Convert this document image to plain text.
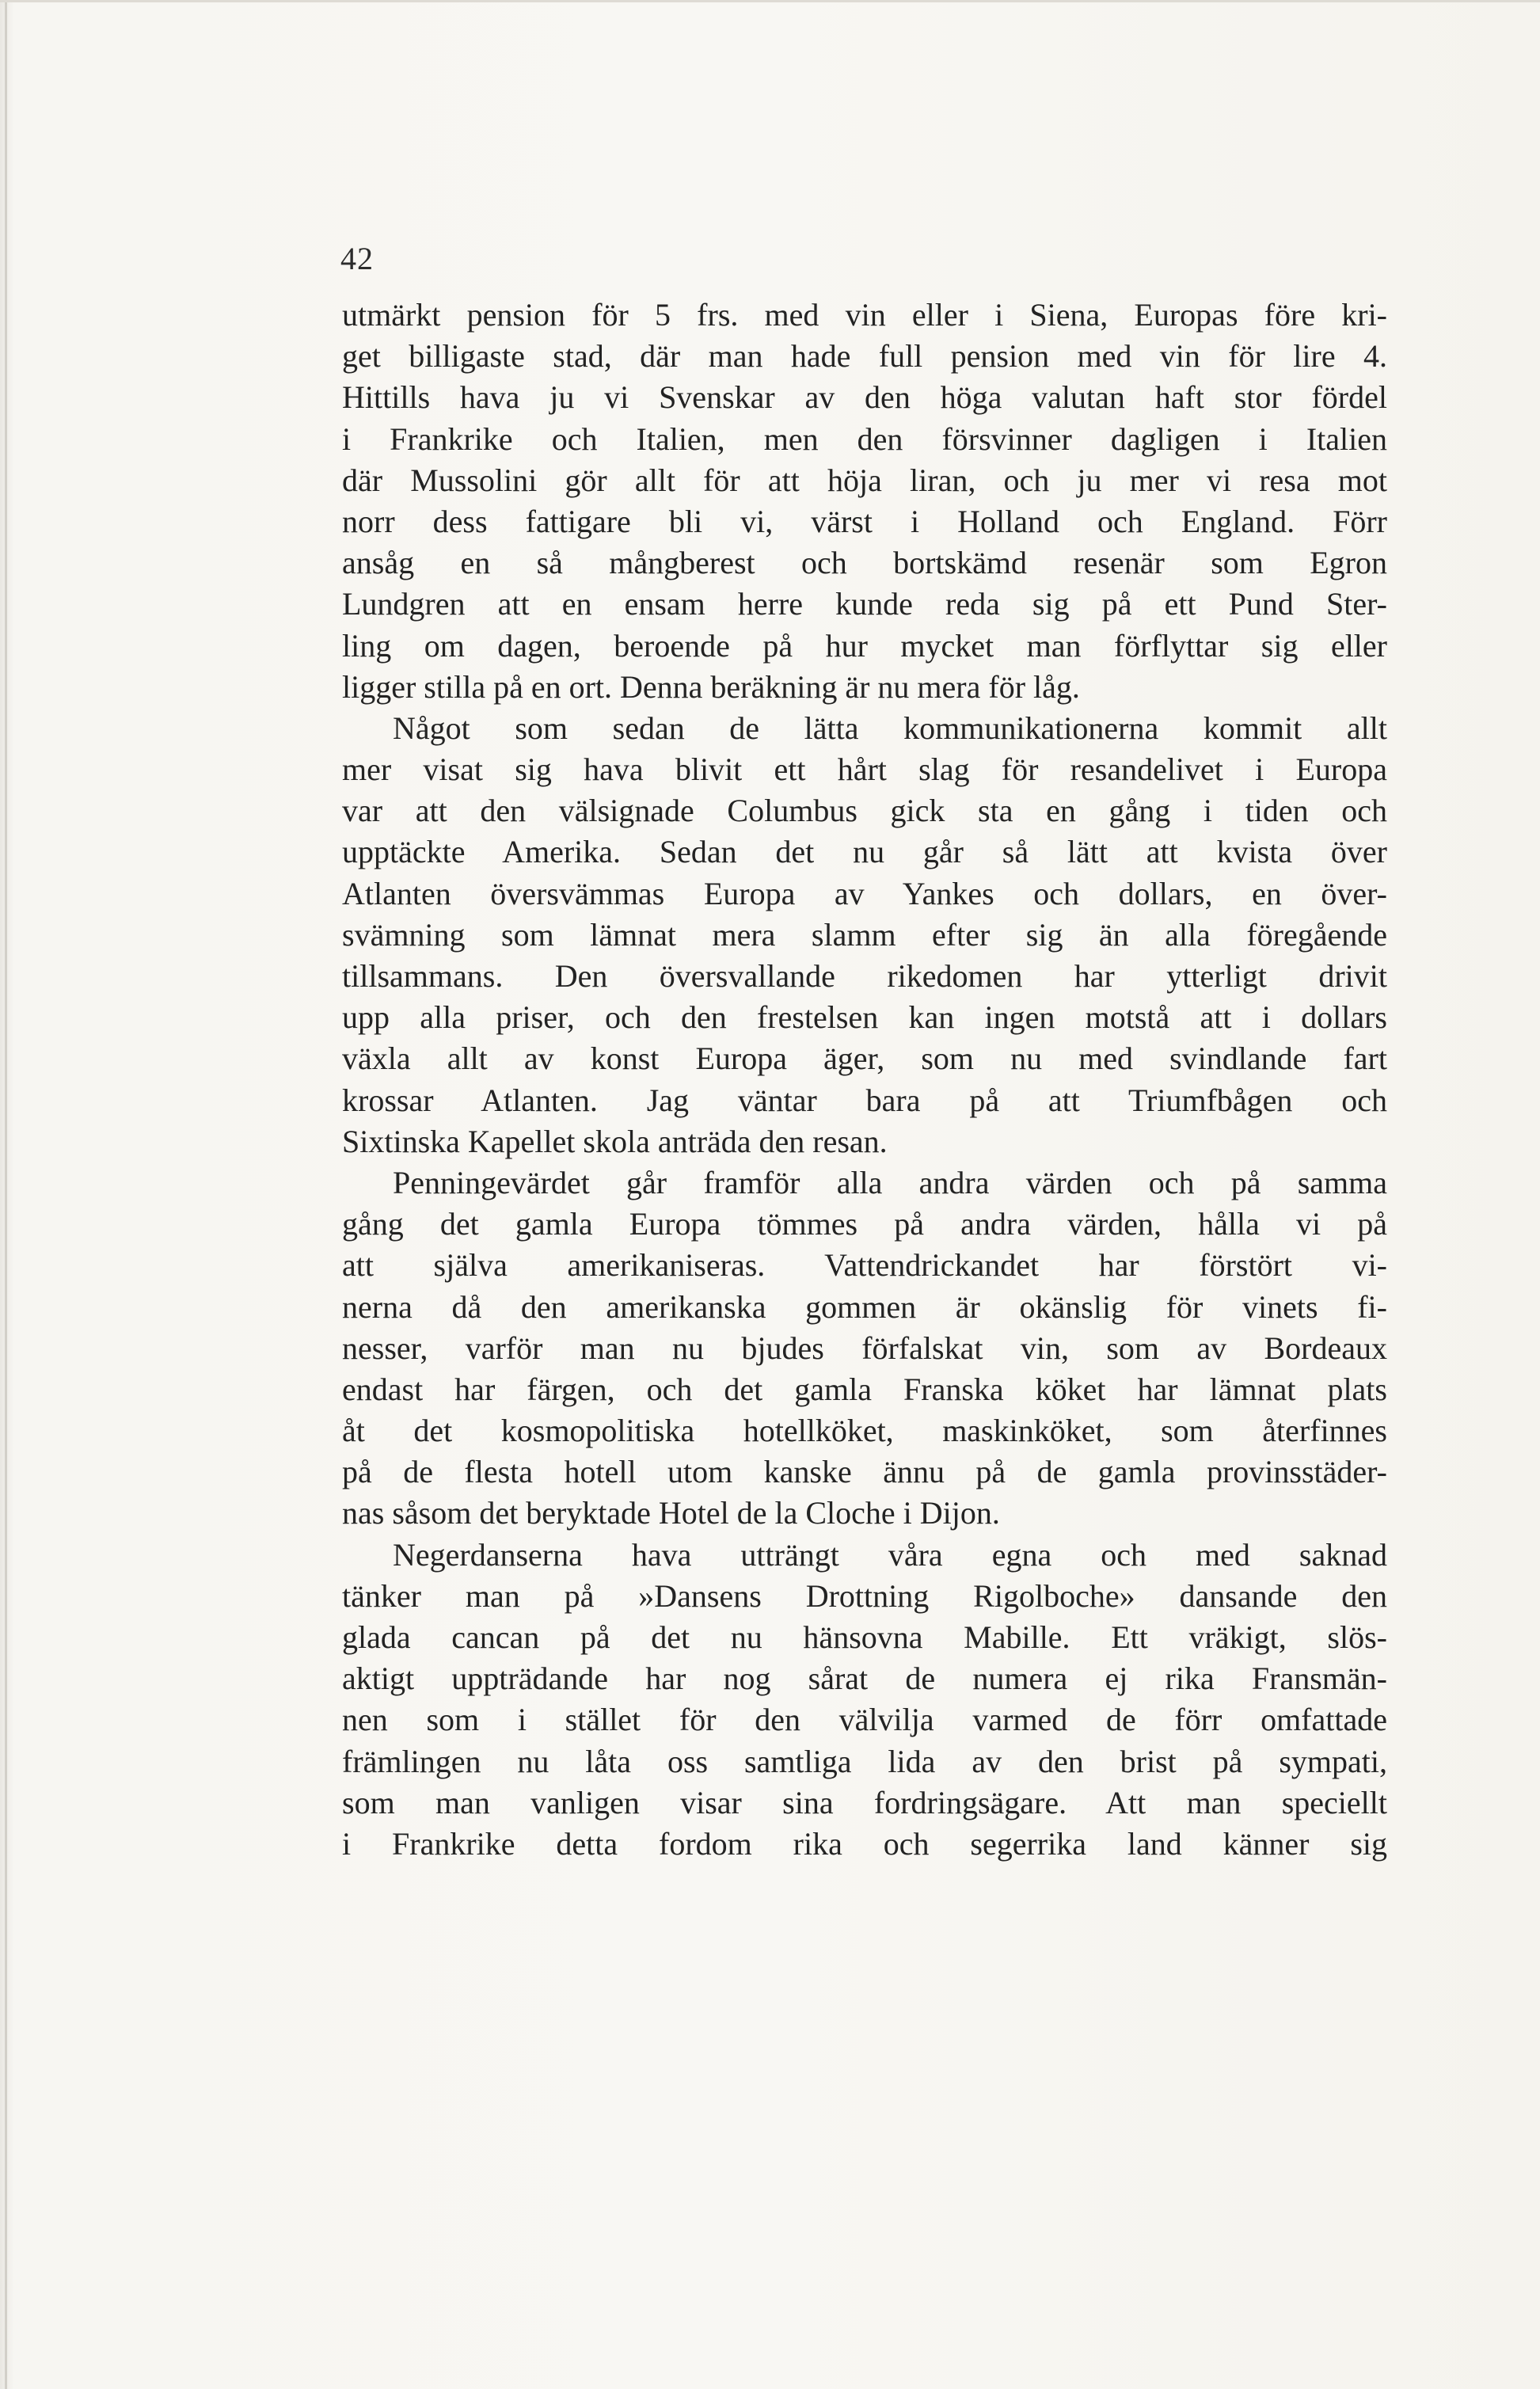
42
utmärkt pension för 5 frs. med vin eller i Siena, Europas före kri-
get billigaste stad, där man hade full pension med vin för lire 4.
Hittills hava ju vi Svenskar av den höga valutan haft stor fördel
i Frankrike och Italien, men den försvinner dagligen i Italien
där Mussolini gör allt för att höja liran, och ju mer vi resa mot
norr dess fattigare bli vi, värst i Holland och England. Förr
ansåg en så mångberest och bortskämd resenär som Egron
Lundgren att en ensam herre kunde reda sig på ett Pund Ster-
ling om dagen, beroende på hur mycket man förflyttar sig eller
ligger stilla på en ort. Denna beräkning är nu mera för låg.
Något som sedan de lätta kommunikationerna kommit allt
mer visat sig hava blivit ett hårt slag för resandelivet i Europa
var att den välsignade Columbus gick sta en gång i tiden och
upptäckte Amerika. Sedan det nu går så lätt att kvista över
Atlanten översvämmas Europa av Yankes och dollars, en över-
svämning som lämnat mera slamm efter sig än alla föregående
tillsammans. Den översvallande rikedomen har ytterligt drivit
upp alla priser, och den frestelsen kan ingen motstå att i dollars
växla allt av konst Europa äger, som nu med svindlande fart
krossar Atlanten. Jag väntar bara på att Triumfbågen och
Sixtinska Kapellet skola anträda den resan.
Penningevärdet går framför alla andra värden och på samma
gång det gamla Europa tömmes på andra värden, hålla vi på
att själva amerikaniseras. Vattendrickandet har förstört vi-
nerna då den amerikanska gommen är okänslig för vinets fi-
nesser, varför man nu bjudes förfalskat vin, som av Bordeaux
endast har färgen, och det gamla Franska köket har lämnat plats
åt det kosmopolitiska hotellköket, maskinköket, som återfinnes
på de flesta hotell utom kanske ännu på de gamla provinsstäder-
nas såsom det beryktade Hotel de la Cloche i Dijon.
Negerdanserna hava utträngt våra egna och med saknad
tänker man på »Dansens Drottning Rigolboche» dansande den
glada cancan på det nu hänsovna Mabille. Ett vräkigt, slös-
aktigt uppträdande har nog sårat de numera ej rika Fransmän-
nen som i stället för den välvilja varmed de förr omfattade
främlingen nu låta oss samtliga lida av den brist på sympati,
som man vanligen visar sina fordringsägare. Att man speciellt
i Frankrike detta fordom rika och segerrika land känner sig
